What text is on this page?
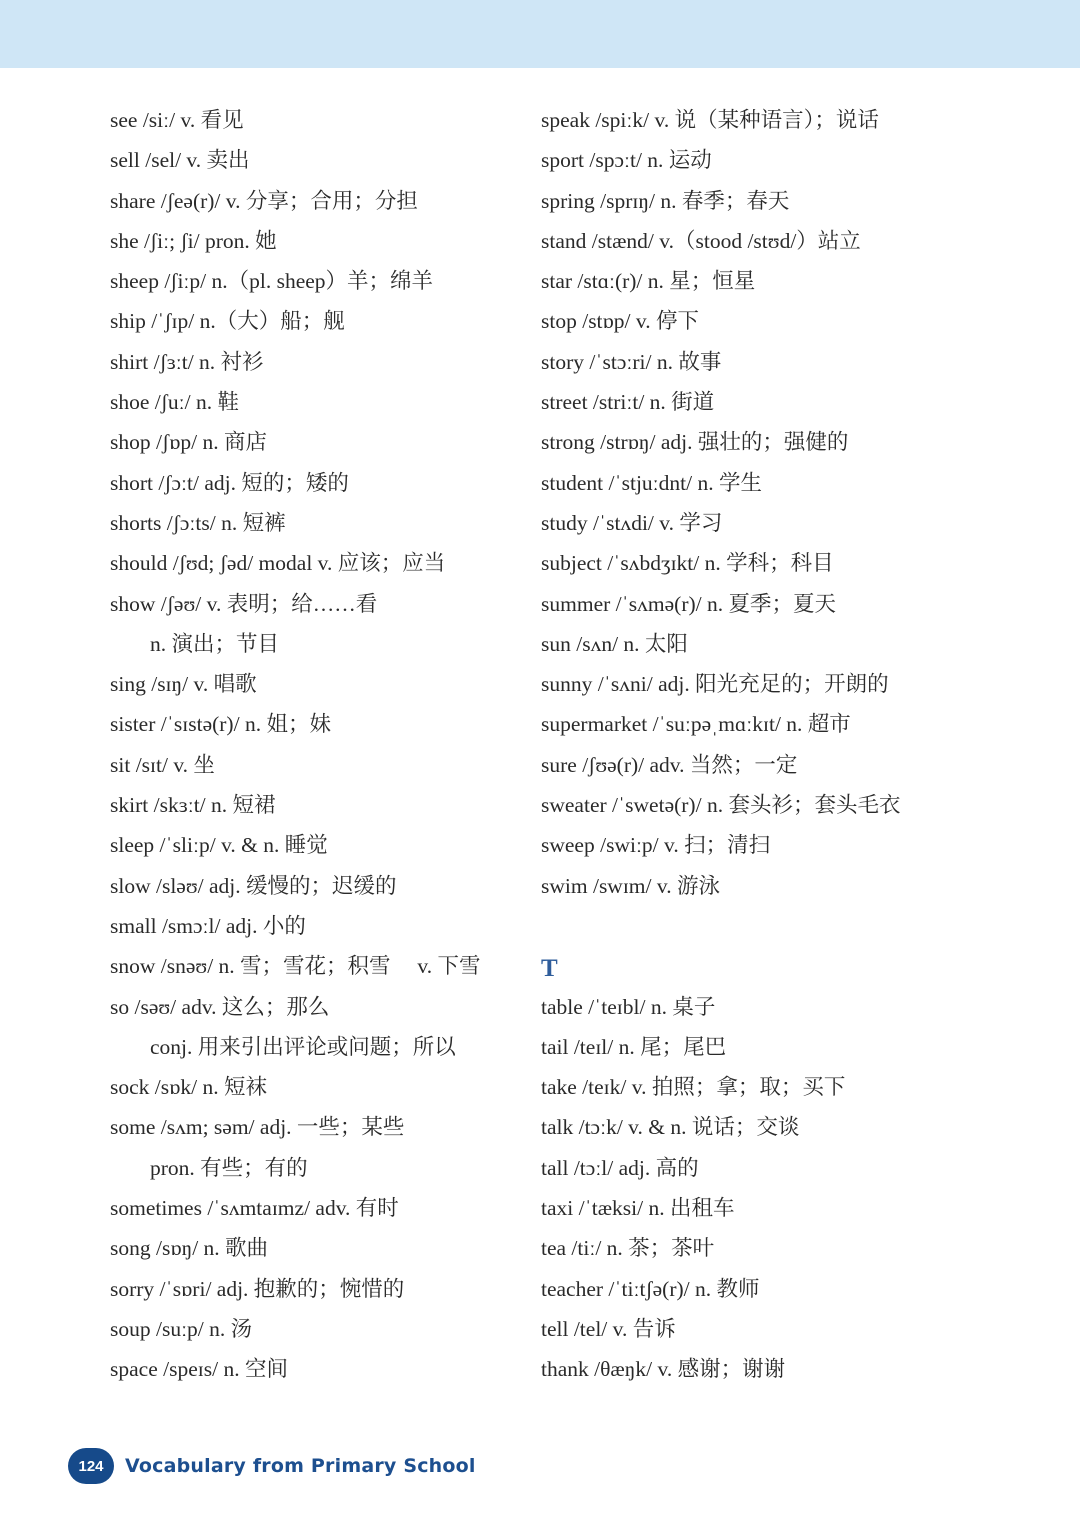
see /siː/ v. 看见
sell /sel/ v. 卖出
share /ʃeə(r)/ v. 分享；合用；分担
she /ʃiː; ʃi/ pron. 她
sheep /ʃiːp/ n.（pl. sheep）羊；绵羊
ship /ˈʃɪp/ n.（大）船；舰
shirt /ʃɜːt/ n. 衬衫
shoe /ʃuː/ n. 鞋
shop /ʃɒp/ n. 商店
short /ʃɔːt/ adj. 短的；矮的
shorts /ʃɔːts/ n. 短裤
should /ʃʊd; ʃəd/ modal v. 应该；应当
show /ʃəʊ/ v. 表明；给……看
n. 演出；节目
sing /sɪŋ/ v. 唱歌
sister /ˈsɪstə(r)/ n. 姐；妹
sit /sɪt/ v. 坐
skirt /skɜːt/ n. 短裙
sleep /ˈsliːp/ v. & n. 睡觉
slow /sləʊ/ adj. 缓慢的；迟缓的
small /smɔːl/ adj. 小的
snow /snəʊ/ n. 雪；雪花；积雪　 v. 下雪
so /səʊ/ adv. 这么；那么
conj. 用来引出评论或问题；所以
sock /sɒk/ n. 短袜
some /sʌm; səm/ adj. 一些；某些
pron. 有些；有的
sometimes /ˈsʌmtaɪmz/ adv. 有时
song /sɒŋ/ n. 歌曲
sorry /ˈsɒri/ adj. 抱歉的；惋惜的
soup /suːp/ n. 汤
space /speɪs/ n. 空间
speak /spiːk/ v. 说（某种语言）；说话
sport /spɔːt/ n. 运动
spring /sprɪŋ/ n. 春季；春天
stand /stænd/ v.（stood /stʊd/）站立
star /stɑː(r)/ n. 星；恒星
stop /stɒp/ v. 停下
story /ˈstɔːri/ n. 故事
street /striːt/ n. 街道
strong /strɒŋ/ adj. 强壮的；强健的
student /ˈstjuːdnt/ n. 学生
study /ˈstʌdi/ v. 学习
subject /ˈsʌbdʒɪkt/ n. 学科；科目
summer /ˈsʌmə(r)/ n. 夏季；夏天
sun /sʌn/ n. 太阳
sunny /ˈsʌni/ adj. 阳光充足的；开朗的
supermarket /ˈsuːpəˌmɑːkɪt/ n. 超市
sure /ʃʊə(r)/ adv. 当然；一定
sweater /ˈswetə(r)/ n. 套头衫；套头毛衣
sweep /swiːp/ v. 扫；清扫
swim /swɪm/ v. 游泳
T
table /ˈteɪbl/ n. 桌子
tail /teɪl/ n. 尾；尾巴
take /teɪk/ v. 拍照；拿；取；买下
talk /tɔːk/ v. & n. 说话；交谈
tall /tɔːl/ adj. 高的
taxi /ˈtæksi/ n. 出租车
tea /tiː/ n. 茶；茶叶
teacher /ˈtiːtʃə(r)/ n. 教师
tell /tel/ v. 告诉
thank /θæŋk/ v. 感谢；谢谢
124	Vocabulary from Primary School
